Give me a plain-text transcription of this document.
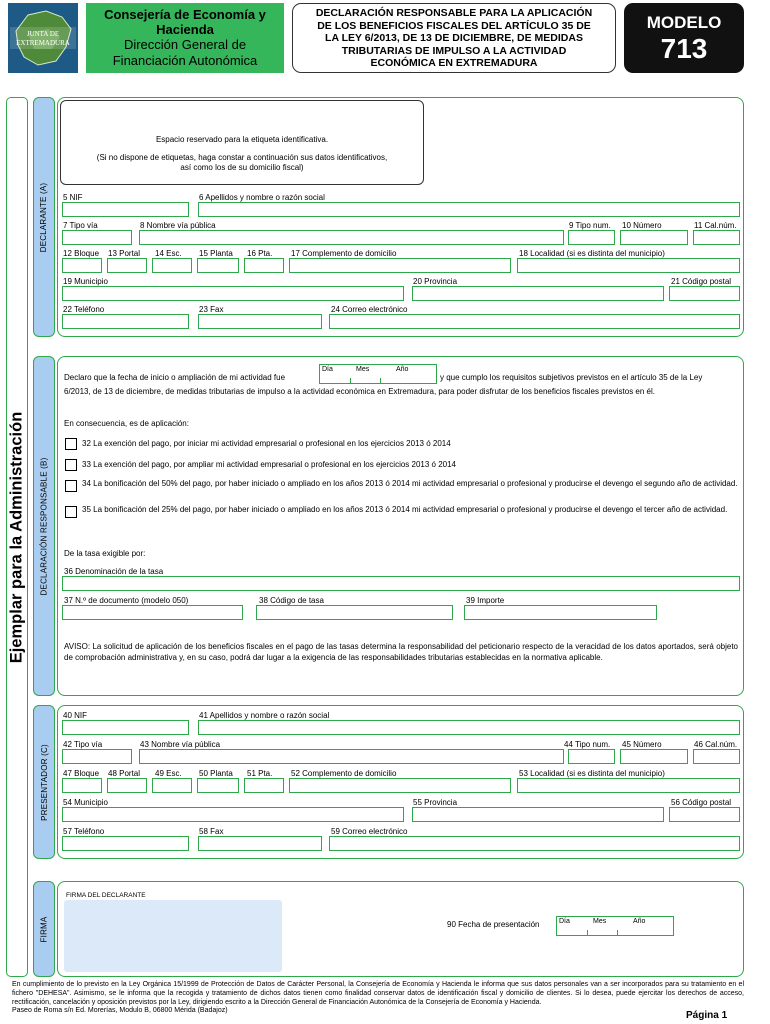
JUNTA DE EXTREMADURA
Consejería de Economía y
Hacienda
Dirección General de
Financiación Autonómica
DECLARACIÓN RESPONSABLE PARA LA APLICACIÓN
DE LOS BENEFICIOS FISCALES DEL ARTÍCULO 35 DE
LA LEY 6/2013, DE 13 DE DICIEMBRE, DE MEDIDAS
TRIBUTARIAS DE IMPULSO A LA ACTIVIDAD
ECONÓMICA EN EXTREMADURA
MODELO
713
Ejemplar para la Administración
DECLARANTE (A)
Espacio reservado para la etiqueta identificativa.
(Si no dispone de etiquetas, haga constar a continuación sus datos identificativos,
así como los de su domicilio fiscal)
5 NIF	6 Apellidos y nombre o razón social
7 Tipo vía	8 Nombre vía pública	9 Tipo num. 10 Número	11 Cal.núm.
12 Bloque 13 Portal 14 Esc. 15 Planta 16 Pta. 17 Complemento de domicilio	18 Localidad (si es distinta del municipio)
19 Municipio	20 Provincia	21 Código postal
22 Teléfono	23 Fax	24 Correo electrónico
DECLARACIÓN RESPONSABLE (B)
Declaro que la fecha de inicio o ampliación de mi actividad fue
Día	Mes	Año
y que cumplo los requisitos subjetivos previstos en el artículo 35 de la Ley
6/2013, de 13 de diciembre, de medidas tributarias de impulso a la actividad económica en Extremadura, para poder disfrutar de los beneficios fiscales previstos en él.
En consecuencia, es de aplicación:
32 La exención del pago, por iniciar mi actividad empresarial o profesional en los ejercicios 2013 ó 2014
33 La exención del pago, por ampliar mi actividad empresarial o profesional en los ejercicios 2013 ó 2014
34 La bonificación del 50% del pago, por haber iniciado o ampliado en los años 2013 ó 2014 mi actividad empresarial o profesional y producirse el devengo el segundo año de actividad.
35 La bonificación del 25% del pago, por haber iniciado o ampliado en los años 2013 ó 2014 mi actividad empresarial o profesional y producirse el devengo el tercer año de actividad.
De la tasa exigible por:
36 Denominación de la tasa
37 N.º de documento (modelo 050)	38 Código de tasa	39 Importe
AVISO: La solicitud de aplicación de los beneficios fiscales en el pago de las tasas determina la responsabilidad del peticionario respecto de la veracidad de los datos aportados, será objeto de comprobación administrativa y, en su caso, podrá dar lugar a la exigencia de las responsabilidades tributarias establecidas en la normativa aplicable.
PRESENTADOR (C)
40 NIF	41 Apellidos y nombre o razón social
42 Tipo vía	43 Nombre vía pública	44 Tipo num. 45 Número	46 Cal.núm.
47 Bloque 48 Portal 49 Esc. 50 Planta 51 Pta. 52 Complemento de domicilio	53 Localidad (si es distinta del municipio)
54 Municipio	55 Provincia	56 Código postal
57 Teléfono	58 Fax	59 Correo electrónico
FIRMA
FIRMA DEL DECLARANTE
90 Fecha de presentación	Día	Mes	Año
En cumplimiento de lo previsto en la Ley Orgánica 15/1999 de Protección de Datos de Carácter Personal, la Consejería de Economía y Hacienda le informa que sus datos personales van a ser incorporados para su tratamiento en el fichero "DEHESA". Asimismo, se le informa que la recogida y tratamiento de dichos datos tienen como finalidad conservar datos de identificación fiscal y domicilio de clientes. Si lo desea, puede ejercitar los derechos de acceso, rectificación, cancelación y oposición previstos por la Ley, dirigiendo escrito a la Dirección General de Financiación Autonómica de la Consejería de Economía y Hacienda.
Paseo de Roma s/n Ed. Morerías, Modulo B, 06800 Mérida (Badajoz)	Página 1
